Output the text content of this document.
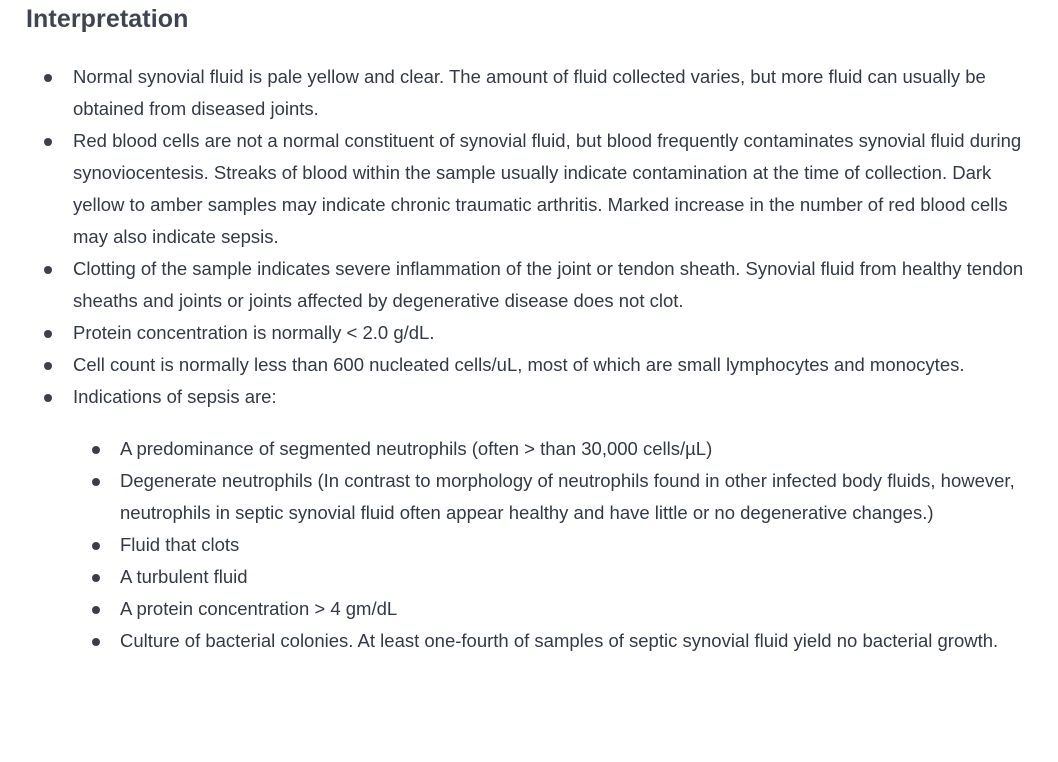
Interpretation
Normal synovial fluid is pale yellow and clear. The amount of fluid collected varies, but more fluid can usually be obtained from diseased joints.
Red blood cells are not a normal constituent of synovial fluid, but blood frequently contaminates synovial fluid during synoviocentesis. Streaks of blood within the sample usually indicate contamination at the time of collection. Dark yellow to amber samples may indicate chronic traumatic arthritis. Marked increase in the number of red blood cells may also indicate sepsis.
Clotting of the sample indicates severe inflammation of the joint or tendon sheath. Synovial fluid from healthy tendon sheaths and joints or joints affected by degenerative disease does not clot.
Protein concentration is normally < 2.0 g/dL.
Cell count is normally less than 600 nucleated cells/uL, most of which are small lymphocytes and monocytes.
Indications of sepsis are:
A predominance of segmented neutrophils (often > than 30,000 cells/µL)
Degenerate neutrophils (In contrast to morphology of neutrophils found in other infected body fluids, however, neutrophils in septic synovial fluid often appear healthy and have little or no degenerative changes.)
Fluid that clots
A turbulent fluid
A protein concentration > 4 gm/dL
Culture of bacterial colonies. At least one-fourth of samples of septic synovial fluid yield no bacterial growth.
